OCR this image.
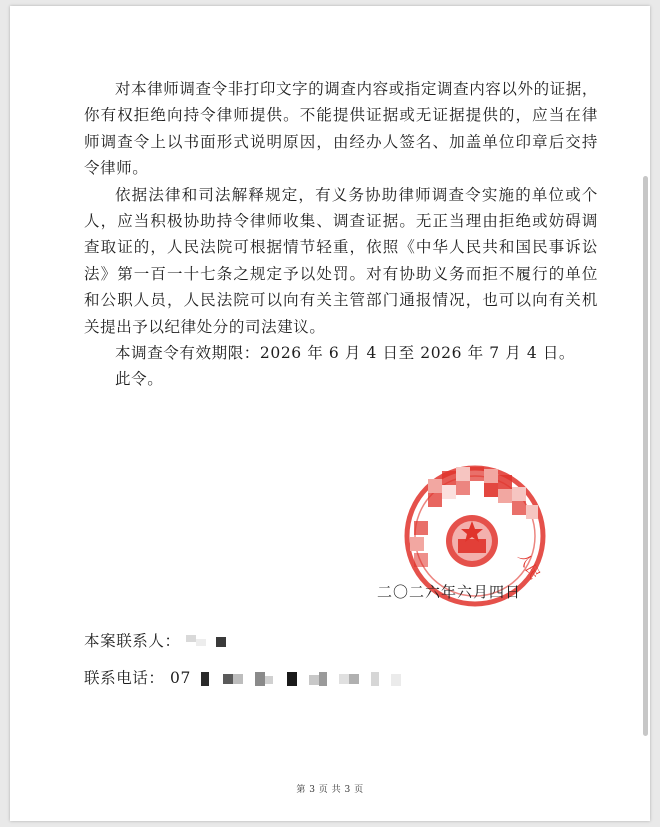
对本律师调查令非打印文字的调查内容或指定调查内容以外的证据，你有权拒绝向持令律师提供。不能提供证据或无证据提供的，应当在律师调查令上以书面形式说明原因，由经办人签名、加盖单位印章后交持令律师。

依据法律和司法解释规定，有义务协助律师调查令实施的单位或个人，应当积极协助持令律师收集、调查证据。无正当理由拒绝或妨碍调查取证的，人民法院可根据情节轻重，依照《中华人民共和国民事诉讼法》第一百一十七条之规定予以处罚。对有协助义务而拒不履行的单位和公职人员，人民法院可以向有关主管部门通报情况，也可以向有关机关提出予以纪律处分的司法建议。

本调查令有效期限：2026 年 6 月 4 日至 2026 年 7 月 4 日。

此令。

人民
二〇二六年六月四日
本案联系人：
联系电话： 07
第 3 页 共 3 页
